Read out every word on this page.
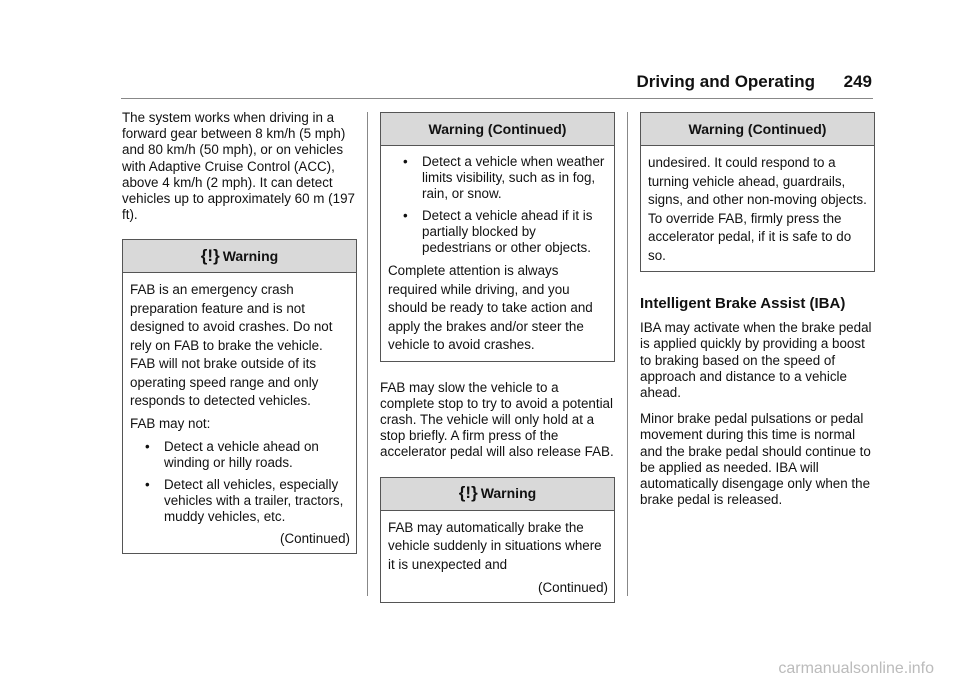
Driving and Operating 249

The system works when driving in a forward gear between 8 km/h (5 mph) and 80 km/h (50 mph), or on vehicles with Adaptive Cruise Control (ACC), above 4 km/h (2 mph). It can detect vehicles up to approximately 60 m (197 ft).

{!} Warning

FAB is an emergency crash preparation feature and is not designed to avoid crashes. Do not rely on FAB to brake the vehicle. FAB will not brake outside of its operating speed range and only responds to detected vehicles.

FAB may not:

• Detect a vehicle ahead on winding or hilly roads.
• Detect all vehicles, especially vehicles with a trailer, tractors, muddy vehicles, etc.
(Continued)
Warning (Continued)
• Detect a vehicle when weather limits visibility, such as in fog, rain, or snow.
• Detect a vehicle ahead if it is partially blocked by pedestrians or other objects.

Complete attention is always required while driving, and you should be ready to take action and apply the brakes and/or steer the vehicle to avoid crashes.

FAB may slow the vehicle to a complete stop to try to avoid a potential crash. The vehicle will only hold at a stop briefly. A firm press of the accelerator pedal will also release FAB.

{!} Warning

FAB may automatically brake the vehicle suddenly in situations where it is unexpected and

(Continued)
Warning (Continued)

undesired. It could respond to a turning vehicle ahead, guardrails, signs, and other non-moving objects. To override FAB, firmly press the accelerator pedal, if it is safe to do so.

Intelligent Brake Assist (IBA)

IBA may activate when the brake pedal is applied quickly by providing a boost to braking based on the speed of approach and distance to a vehicle ahead.

Minor brake pedal pulsations or pedal movement during this time is normal and the brake pedal should continue to be applied as needed. IBA will automatically disengage only when the brake pedal is released.

carmanualsonline.info
